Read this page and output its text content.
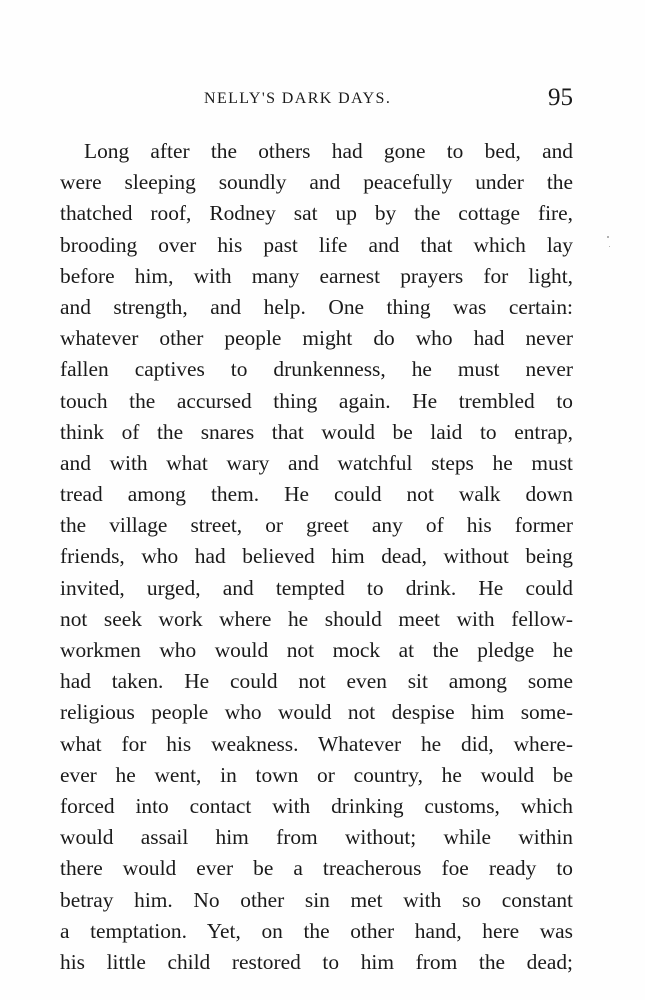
NELLY'S DARK DAYS.	95
Long after the others had gone to bed, and
were sleeping soundly and peacefully under the
thatched roof, Rodney sat up by the cottage fire,
brooding over his past life and that which lay
before him, with many earnest prayers for light,
and strength, and help. One thing was certain:
whatever other people might do who had never
fallen captives to drunkenness, he must never
touch the accursed thing again. He trembled to
think of the snares that would be laid to entrap,
and with what wary and watchful steps he must
tread among them. He could not walk down
the village street, or greet any of his former
friends, who had believed him dead, without being
invited, urged, and tempted to drink. He could
not seek work where he should meet with fellow-
workmen who would not mock at the pledge he
had taken. He could not even sit among some
religious people who would not despise him some-
what for his weakness. Whatever he did, where-
ever he went, in town or country, he would be
forced into contact with drinking customs, which
would assail him from without; while within
there would ever be a treacherous foe ready to
betray him. No other sin met with so constant
a temptation. Yet, on the other hand, here was
his little child restored to him from the dead;
